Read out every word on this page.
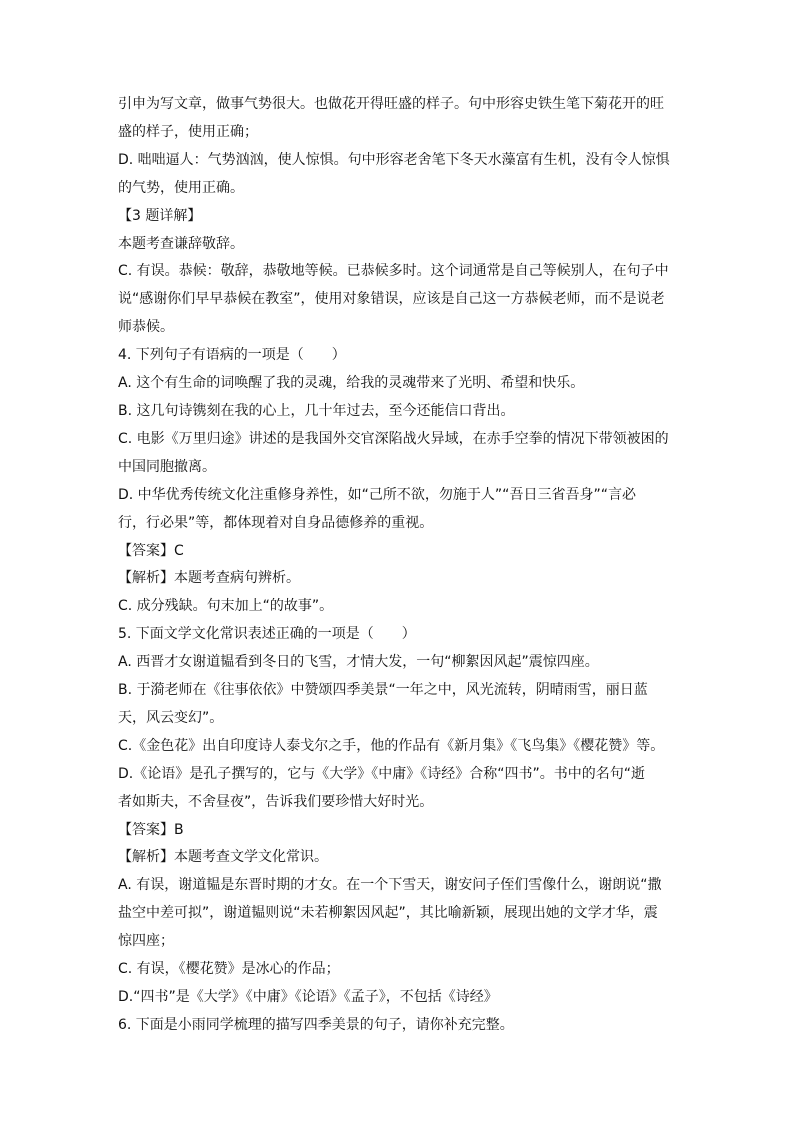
引申为写文章，做事气势很大。也做花开得旺盛的样子。句中形容史铁生笔下菊花开的旺

盛的样子，使用正确；

D. 咄咄逼人：气势汹汹，使人惊惧。句中形容老舍笔下冬天水藻富有生机，没有令人惊惧

的气势，使用正确。

【3 题详解】

本题考查谦辞敬辞。

C. 有误。恭候：敬辞，恭敬地等候。已恭候多时。这个词通常是自己等候别人，在句子中

说“感谢你们早早恭候在教室”，使用对象错误，应该是自己这一方恭候老师，而不是说老

师恭候。

4. 下列句子有语病的一项是（　　）

A. 这个有生命的词唤醒了我的灵魂，给我的灵魂带来了光明、希望和快乐。

B. 这几句诗镌刻在我的心上，几十年过去，至今还能信口背出。

C. 电影《万里归途》讲述的是我国外交官深陷战火异域，在赤手空拳的情况下带领被困的

中国同胞撤离。

D. 中华优秀传统文化注重修身养性，如“己所不欲，勿施于人”“吾日三省吾身”“言必

行，行必果”等，都体现着对自身品德修养的重视。

【答案】C

【解析】本题考查病句辨析。

C. 成分残缺。句末加上“的故事”。

5. 下面文学文化常识表述正确的一项是（　　）

A. 西晋才女谢道韫看到冬日的飞雪，才情大发，一句“柳絮因风起”震惊四座。

B. 于漪老师在《往事依依》中赞颂四季美景“一年之中，风光流转，阴晴雨雪，丽日蓝

天，风云变幻”。

C.《金色花》出自印度诗人泰戈尔之手，他的作品有《新月集》《飞鸟集》《樱花赞》等。

D.《论语》是孔子撰写的，它与《大学》《中庸》《诗经》合称“四书”。书中的名句“逝

者如斯夫，不舍昼夜”，告诉我们要珍惜大好时光。

【答案】B

【解析】本题考查文学文化常识。

A. 有误，谢道韫是东晋时期的才女。在一个下雪天，谢安问子侄们雪像什么，谢朗说“撒

盐空中差可拟”，谢道韫则说“未若柳絮因风起”，其比喻新颖，展现出她的文学才华，震

惊四座；

C. 有误，《樱花赞》是冰心的作品；

D.“四书”是《大学》《中庸》《论语》《孟子》，不包括《诗经》

6. 下面是小雨同学梳理的描写四季美景的句子，请你补充完整。
